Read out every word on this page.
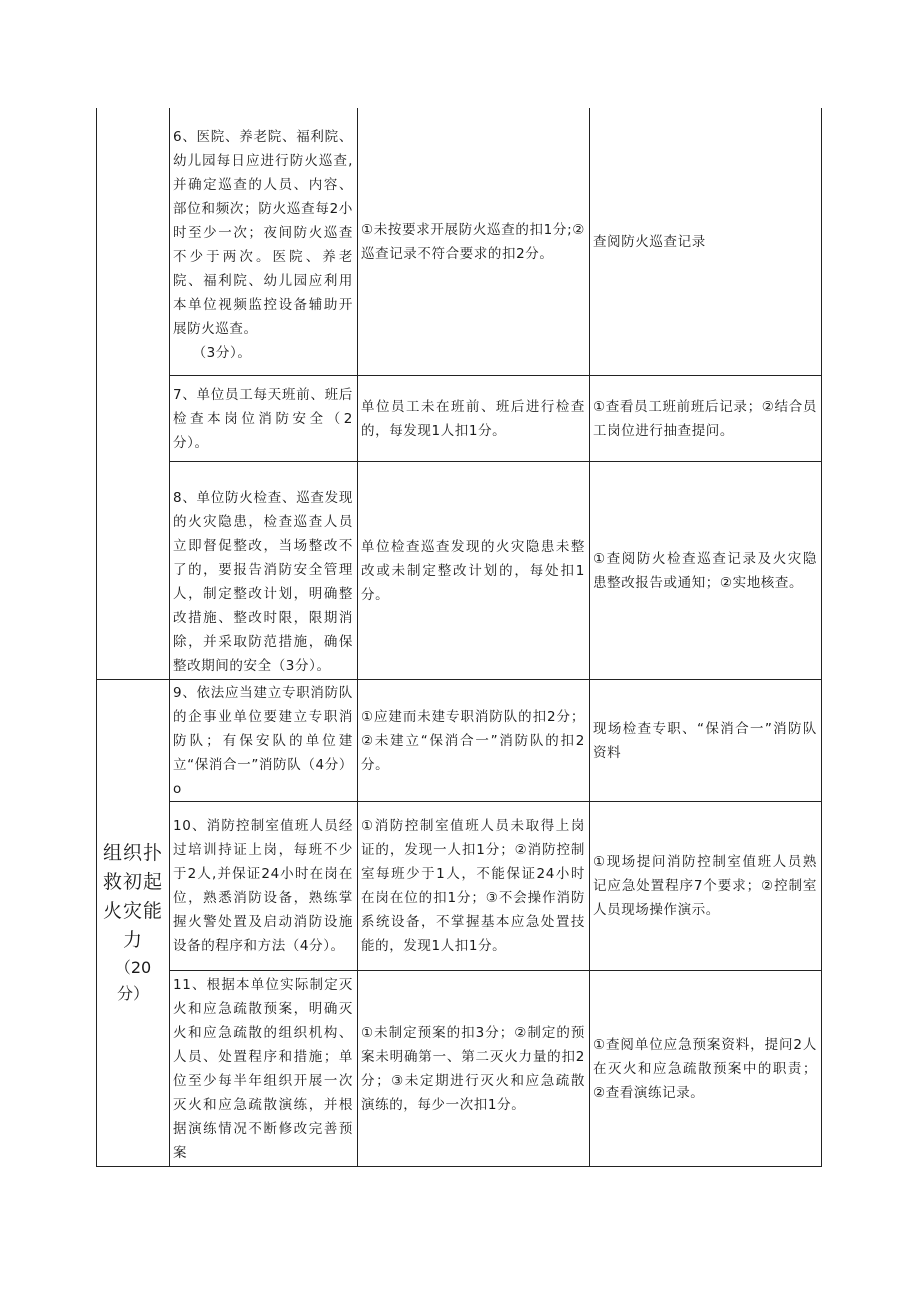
组织扑救初起火灾能力
（20分）
6、医院、养老院、福利院、幼儿园每日应进行防火巡查,并确定巡查的人员、内容、部位和频次；防火巡查每2小时至少一次；夜间防火巡查不少于两次。医院、养老院、福利院、幼儿园应利用本单位视频监控设备辅助开展防火巡查。
（3分）。
①未按要求开展防火巡查的扣1分;②巡查记录不符合要求的扣2分。
查阅防火巡查记录
7、单位员工每天班前、班后检查本岗位消防安全（2分）。
单位员工未在班前、班后进行检查的，每发现1人扣1分。
①查看员工班前班后记录；②结合员工岗位进行抽查提问。
8、单位防火检查、巡查发现的火灾隐患，检查巡查人员立即督促整改，当场整改不了的，要报告消防安全管理人，制定整改计划，明确整改措施、整改时限，限期消除，并采取防范措施，确保整改期间的安全（3分）。
单位检查巡查发现的火灾隐患未整改或未制定整改计划的，每处扣1分。
①查阅防火检查巡查记录及火灾隐患整改报告或通知；②实地核查。
9、依法应当建立专职消防队的企事业单位要建立专职消防队；有保安队的单位建立“保消合一”消防队（4分）o
①应建而未建专职消防队的扣2分；②未建立“保消合一”消防队的扣2分。
现场检查专职、“保消合一”消防队资料
10、消防控制室值班人员经过培训持证上岗，每班不少于2人,并保证24小时在岗在位，熟悉消防设备，熟练掌握火警处置及启动消防设施设备的程序和方法（4分）。
①消防控制室值班人员未取得上岗证的，发现一人扣1分；②消防控制室每班少于1人，不能保证24小时在岗在位的扣1分；③不会操作消防系统设备，不掌握基本应急处置技能的，发现1人扣1分。
①现场提问消防控制室值班人员熟记应急处置程序7个要求；②控制室人员现场操作演示。
11、根据本单位实际制定灭火和应急疏散预案，明确灭火和应急疏散的组织机构、人员、处置程序和措施；单位至少每半年组织开展一次灭火和应急疏散演练，并根据演练情况不断修改完善预案
①未制定预案的扣3分；②制定的预案未明确第一、第二灭火力量的扣2分；③未定期进行灭火和应急疏散演练的，每少一次扣1分。
①查阅单位应急预案资料，提问2人在灭火和应急疏散预案中的职责；②查看演练记录。
